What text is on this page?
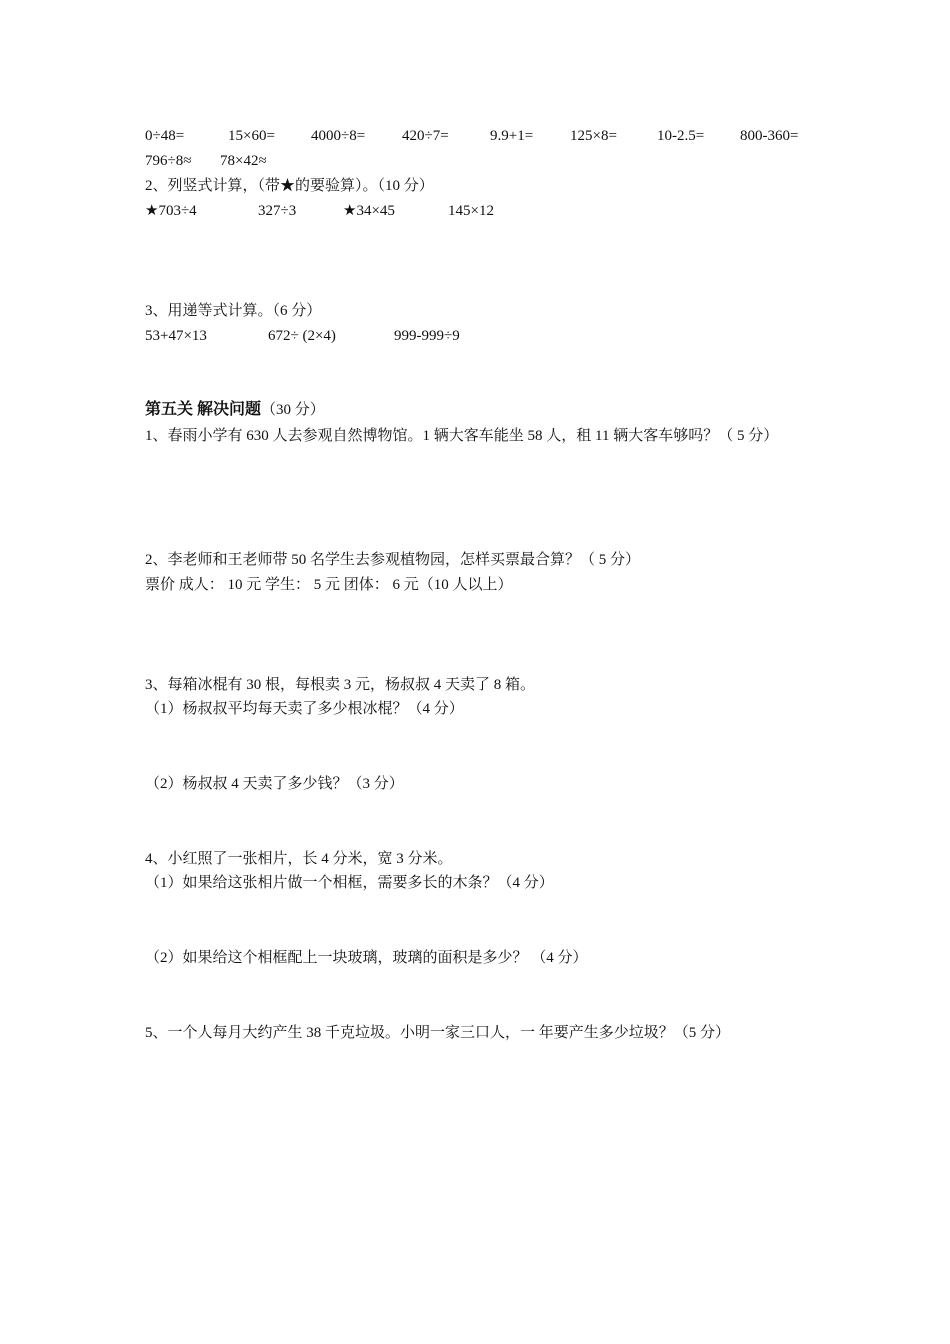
0÷48=	15×60= 4000÷8= 420÷7=	9.9+1= 125×8=	10-2.5= 800-360=
796÷8≈ 78×42≈
2、列竖式计算，（带★的要验算）。（10 分）
★703÷4	327÷3	★34×45	145×12
3、用递等式计算。（6 分）
53+47×13	672÷ (2×4)	999-999÷9
第五关 解决问题（30 分）
1、春雨小学有 630 人去参观自然博物馆。1 辆大客车能坐 58 人，租 11 辆大客车够吗？（ 5 分）
2、李老师和王老师带 50 名学生去参观植物园，怎样买票最合算？（ 5 分）
票价 成人： 10 元 学生： 5 元 团体： 6 元（10 人以上）
3、每箱冰棍有 30 根，每根卖 3 元，杨叔叔 4 天卖了 8 箱。
（1）杨叔叔平均每天卖了多少根冰棍？（4 分）
（2）杨叔叔 4 天卖了多少钱？（3 分）
4、小红照了一张相片，长 4 分米，宽 3 分米。
（1）如果给这张相片做一个相框，需要多长的木条？（4 分）
（2）如果给这个相框配上一块玻璃，玻璃的面积是多少？ （4 分）
5、一个人每月大约产生 38 千克垃圾。小明一家三口人，一 年要产生多少垃圾？（5 分）
